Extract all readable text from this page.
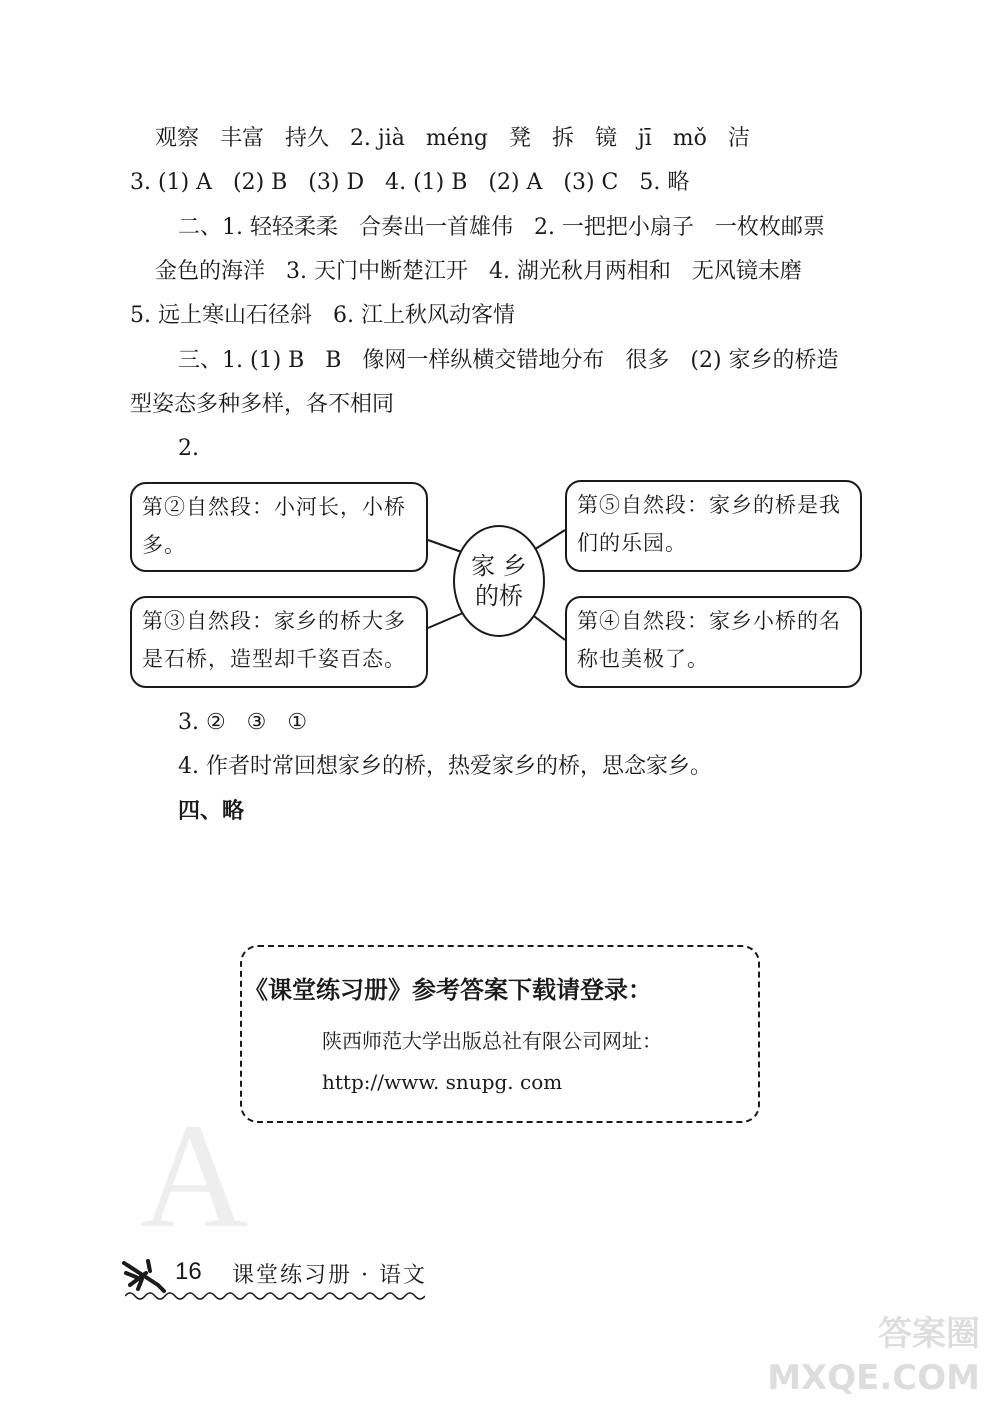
观察   丰富   持久   2. jià   méng   凳   拆   镜   jī   mǒ   洁
3. (1) A   (2) B   (3) D   4. (1) B   (2) A   (3) C   5. 略
二、1. 轻轻柔柔   合奏出一首雄伟   2. 一把把小扇子   一枚枚邮票
金色的海洋   3. 天门中断楚江开   4. 湖光秋月两相和   无风镜未磨
5. 远上寒山石径斜   6. 江上秋风动客情
三、1. (1) B   B   像网一样纵横交错地分布   很多   (2) 家乡的桥造
型姿态多种多样，各不相同
2.
第②自然段：小河长，小桥多。
第⑤自然段：家乡的桥是我们的乐园。
第③自然段：家乡的桥大多是石桥，造型却千姿百态。
第④自然段：家乡小桥的名称也美极了。
家 乡
的桥
3. ②   ③   ①
4. 作者时常回想家乡的桥，热爱家乡的桥，思念家乡。
四、略
《课堂练习册》参考答案下载请登录：
陕西师范大学出版总社有限公司网址：
http://www. snupg. com
A
16 课堂练习册 · 语文
答案圈
MXQE.COM
